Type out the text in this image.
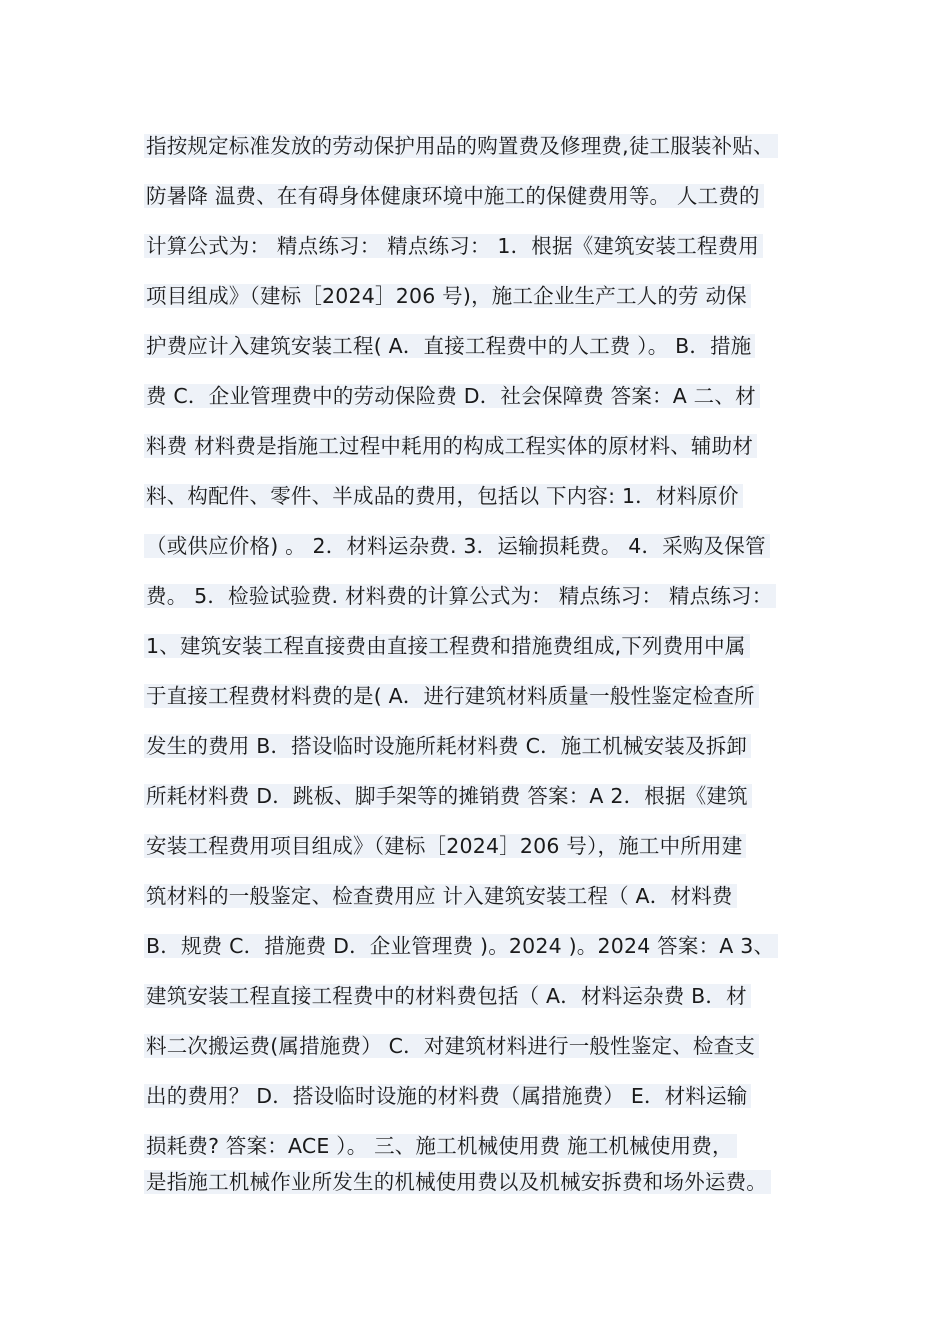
指按规定标准发放的劳动保护用品的购置费及修理费,徒工服装补贴、
防暑降 温费、在有碍身体健康环境中施工的保健费用等。 人工费的
计算公式为： 精点练习： 精点练习： 1．根据《建筑安装工程费用
项目组成》（建标［2024］206 号)，施工企业生产工人的劳 动保
护费应计入建筑安装工程( A．直接工程费中的人工费 ）。 B．措施
费 C．企业管理费中的劳动保险费 D．社会保障费 答案：A 二、材
料费 材料费是指施工过程中耗用的构成工程实体的原材料、辅助材
料、构配件、零件、半成品的费用，包括以 下内容: 1．材料原价
（或供应价格) 。 2．材料运杂费. 3．运输损耗费。 4．采购及保管
费。 5．检验试验费. 材料费的计算公式为： 精点练习： 精点练习：
1、建筑安装工程直接费由直接工程费和措施费组成,下列费用中属
于直接工程费材料费的是( A．进行建筑材料质量一般性鉴定检查所
发生的费用 B．搭设临时设施所耗材料费 C．施工机械安装及拆卸
所耗材料费 D．跳板、脚手架等的摊销费 答案：A 2．根据《建筑
安装工程费用项目组成》（建标［2024］206 号），施工中所用建
筑材料的一般鉴定、检查费用应 计入建筑安装工程（ A．材料费
B．规费 C．措施费 D．企业管理费 )。2024 )。2024 答案：A 3、
建筑安装工程直接工程费中的材料费包括（ A．材料运杂费 B．材
料二次搬运费(属措施费） C．对建筑材料进行一般性鉴定、检查支
出的费用？ D．搭设临时设施的材料费（属措施费） E．材料运输
损耗费? 答案：ACE ）。 三、施工机械使用费 施工机械使用费，
是指施工机械作业所发生的机械使用费以及机械安拆费和场外运费。
